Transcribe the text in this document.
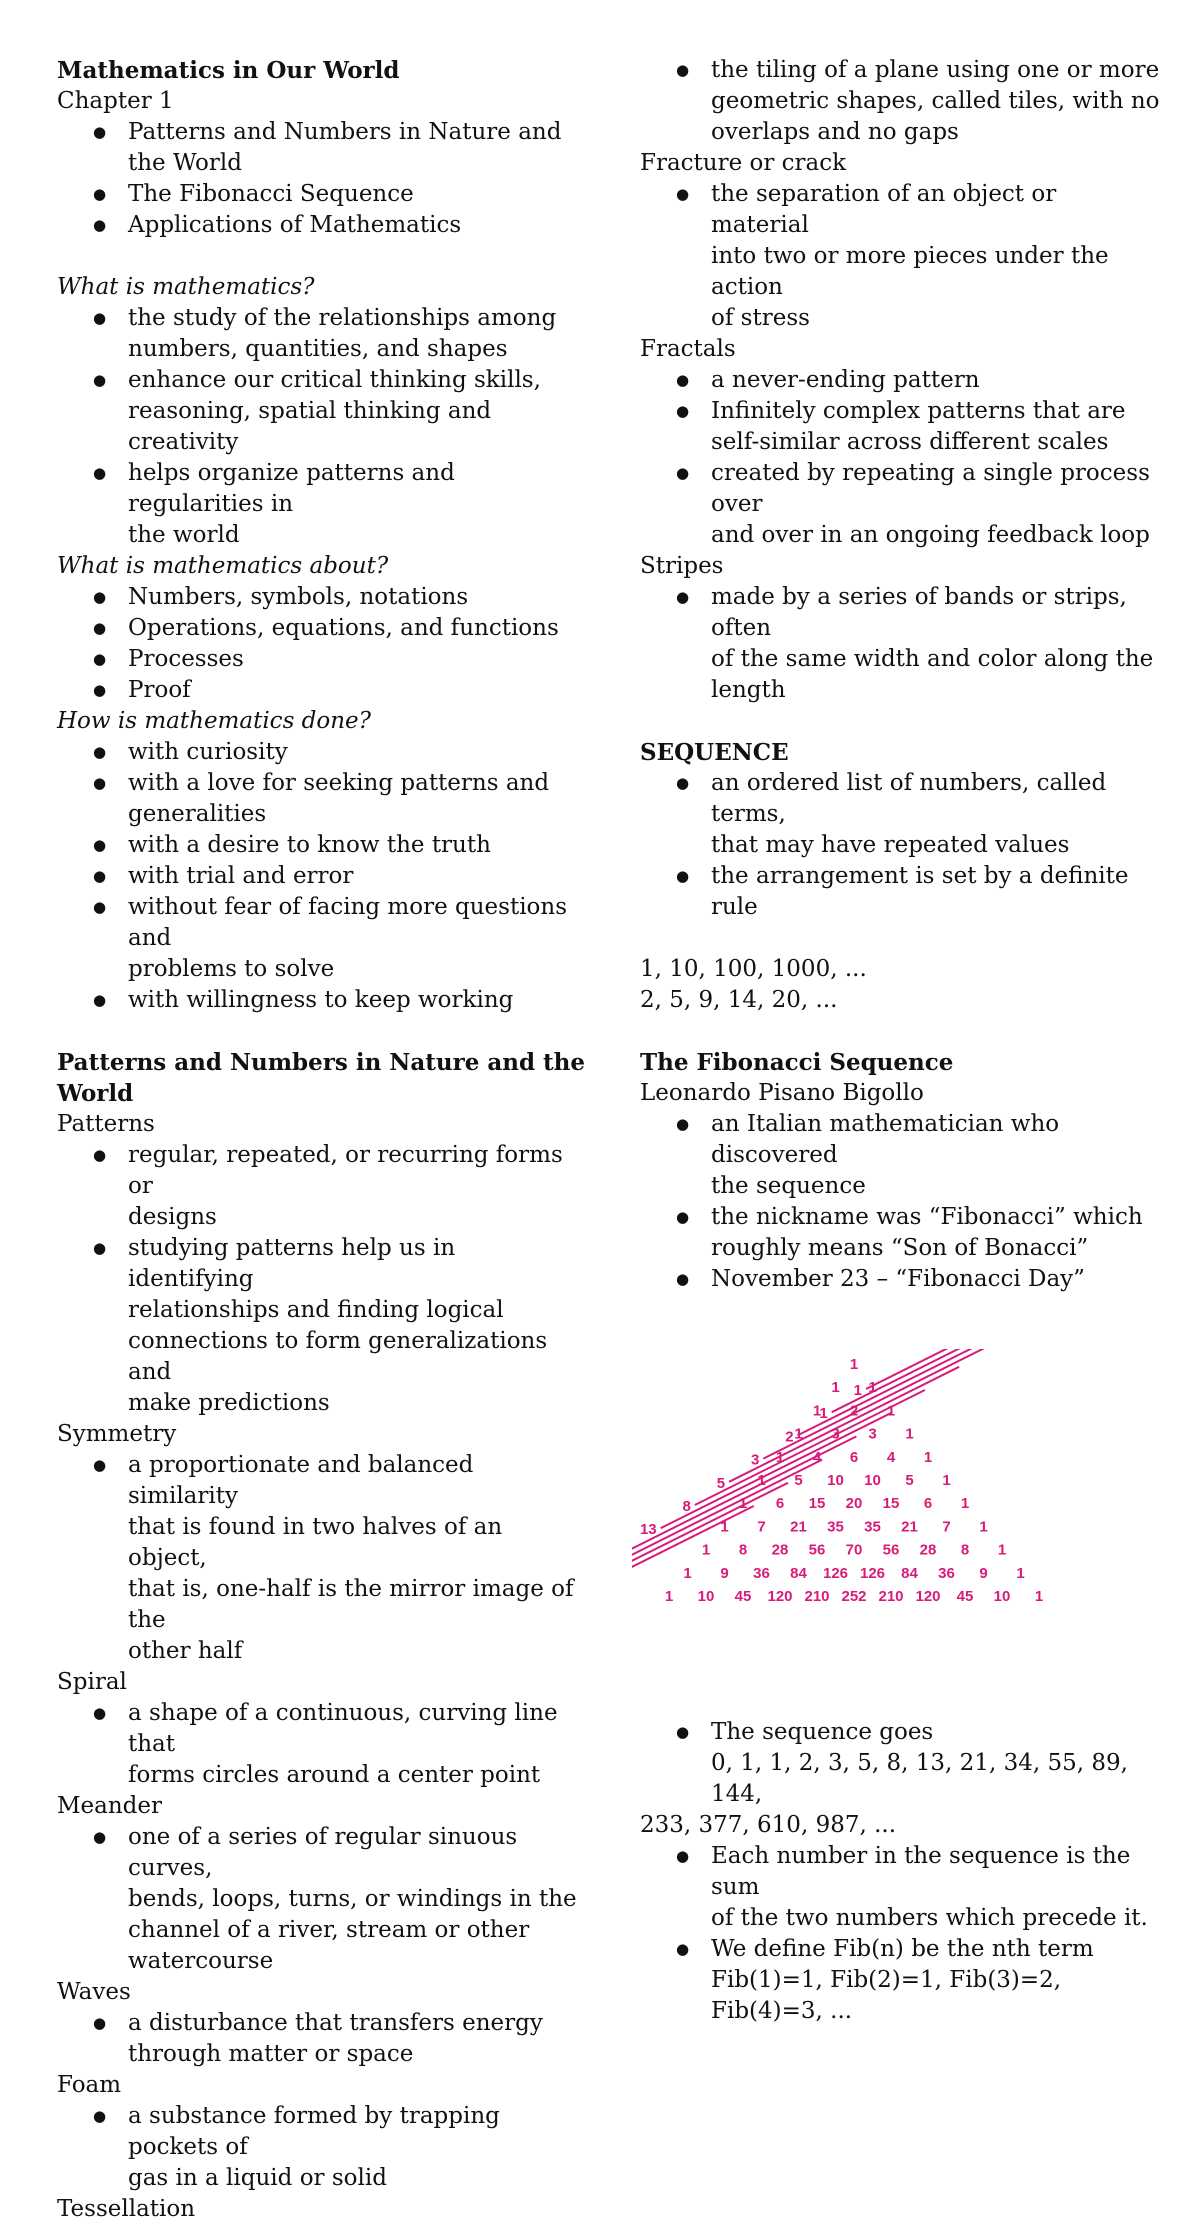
Mathematics in Our World

Chapter 1

● Patterns and Numbers in Nature and the World
● The Fibonacci Sequence
● Applications of Mathematics

What is mathematics?

● the study of the relationships among
numbers, quantities, and shapes
● enhance our critical thinking skills,
reasoning, spatial thinking and creativity
● helps organize patterns and regularities in
the world

What is mathematics about?

● Numbers, symbols, notations
● Operations, equations, and functions
● Processes
● Proof

How is mathematics done?

● with curiosity
● with a love for seeking patterns and
generalities
● with a desire to know the truth
● with trial and error
● without fear of facing more questions and
problems to solve
● with willingness to keep working

Patterns and Numbers in Nature and the
World

Patterns

● regular, repeated, or recurring forms or
designs
● studying patterns help us in identifying
relationships and finding logical
connections to form generalizations and
make predictions

Symmetry

● a proportionate and balanced similarity
that is found in two halves of an object,
that is, one-half is the mirror image of the
other half

Spiral

● a shape of a continuous, curving line that
forms circles around a center point

Meander

● one of a series of regular sinuous curves,
bends, loops, turns, or windings in the
channel of a river, stream or other
watercourse

Waves

● a disturbance that transfers energy
through matter or space

Foam

● a substance formed by trapping pockets of
gas in a liquid or solid

Tessellation

● the tiling of a plane using one or more
geometric shapes, called tiles, with no
overlaps and no gaps

Fracture or crack

● the separation of an object or material
into two or more pieces under the action
of stress

Fractals

● a never-ending pattern
● Infinitely complex patterns that are
self-similar across different scales
● created by repeating a single process over
and over in an ongoing feedback loop

Stripes

● made by a series of bands or strips, often
of the same width and color along the
length

SEQUENCE

● an ordered list of numbers, called terms,
that may have repeated values
● the arrangement is set by a definite rule

1, 10, 100, 1000, ...

2, 5, 9, 14, 20, ...

The Fibonacci Sequence

Leonardo Pisano Bigollo

● an Italian mathematician who discovered
the sequence
● the nickname was “Fibonacci” which
roughly means “Son of Bonacci”
● November 23 – “Fibonacci Day”
1
1
2
3
5
8
13
1
1 1
1 2 1
1 3 3 1
1 4 6 4 1
1 5 10 10 5 1
1 6 15 20 15 6 1
1 7 21 35 35 21 7 1
1 8 28 56 70 56 28 8 1
1 9 36 84 126 126 84 36 9 1
1 10 45 120 210 252 210 120 45 10 1
● The sequence goes
0, 1, 1, 2, 3, 5, 8, 13, 21, 34, 55, 89, 144,

233, 377, 610, 987, ...

● Each number in the sequence is the sum
of the two numbers which precede it.
● We define Fib(n) be the nth term
Fib(1)=1, Fib(2)=1, Fib(3)=2, Fib(4)=3, ...
